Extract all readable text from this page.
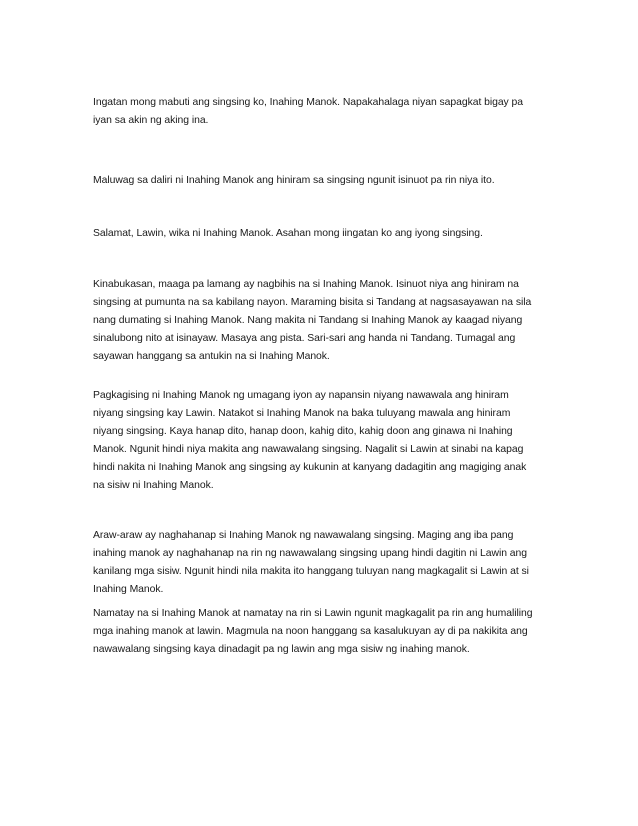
Ingatan mong mabuti ang singsing ko, Inahing Manok. Napakahalaga niyan sapagkat bigay pa
iyan sa akin ng aking ina.
Maluwag sa daliri ni Inahing Manok ang hiniram sa singsing ngunit isinuot pa rin niya ito.
Salamat, Lawin, wika ni Inahing Manok. Asahan mong iingatan ko ang iyong singsing.
Kinabukasan, maaga pa lamang ay nagbihis na si Inahing Manok. Isinuot niya ang hiniram na
singsing at pumunta na sa kabilang nayon. Maraming bisita si Tandang at nagsasayawan na sila
nang dumating si Inahing Manok. Nang makita ni Tandang si Inahing Manok ay kaagad niyang
sinalubong nito at isinayaw. Masaya ang pista. Sari-sari ang handa ni Tandang. Tumagal ang
sayawan hanggang sa antukin na si Inahing Manok.
Pagkagising ni Inahing Manok ng umagang iyon ay napansin niyang nawawala ang hiniram
niyang singsing kay Lawin. Natakot si Inahing Manok na baka tuluyang mawala ang hiniram
niyang singsing. Kaya hanap dito, hanap doon, kahig dito, kahig doon ang ginawa ni Inahing
Manok. Ngunit hindi niya makita ang nawawalang singsing. Nagalit si Lawin at sinabi na kapag
hindi nakita ni Inahing Manok ang singsing ay kukunin at kanyang dadagitin ang magiging anak
na sisiw ni Inahing Manok.
Araw-araw ay naghahanap si Inahing Manok ng nawawalang singsing. Maging ang iba pang
inahing manok ay naghahanap na rin ng nawawalang singsing upang hindi dagitin ni Lawin ang
kanilang mga sisiw. Ngunit hindi nila makita ito hanggang tuluyan nang magkagalit si Lawin at si
Inahing Manok.
Namatay na si Inahing Manok at namatay na rin si Lawin ngunit magkagalit pa rin ang humaliling
mga inahing manok at lawin. Magmula na noon hanggang sa kasalukuyan ay di pa nakikita ang
nawawalang singsing kaya dinadagit pa ng lawin ang mga sisiw ng inahing manok.
